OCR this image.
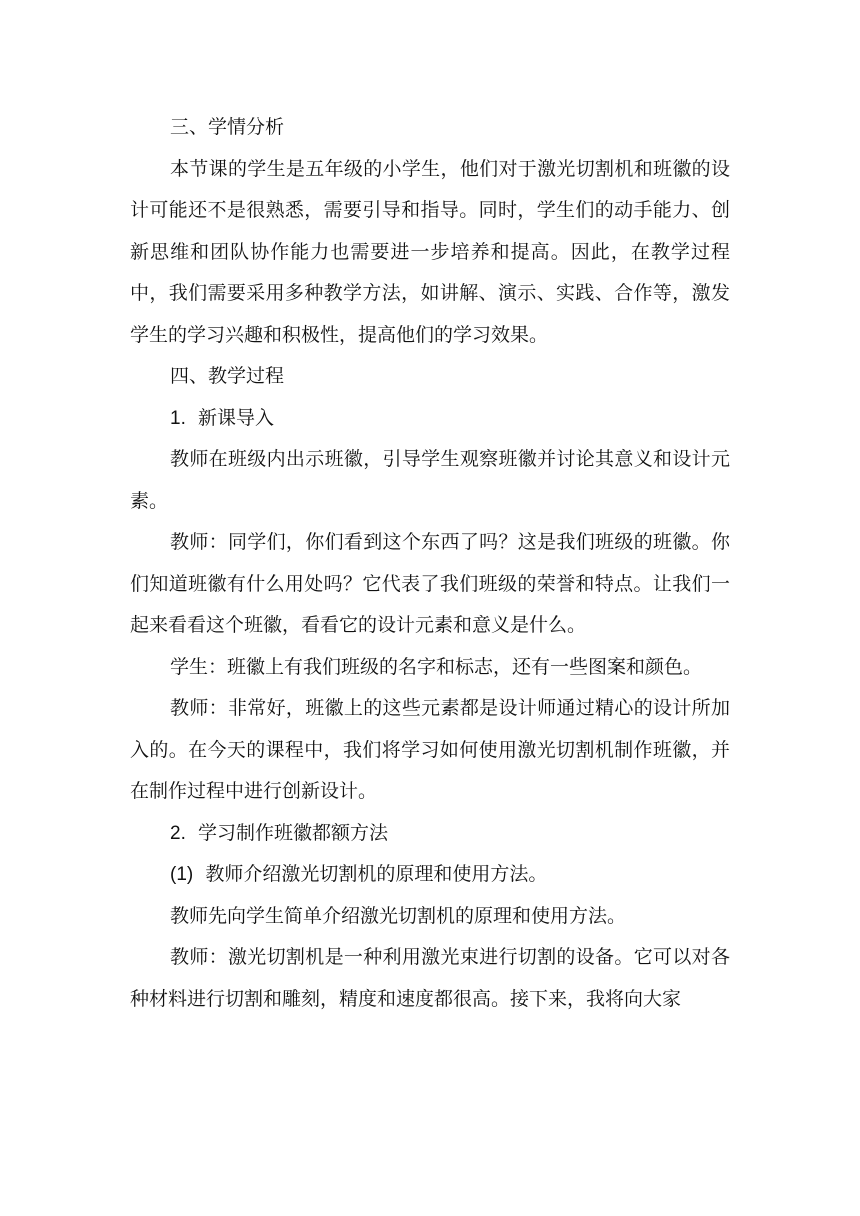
三、学情分析

本节课的学生是五年级的小学生，他们对于激光切割机和班徽的设计可能还不是很熟悉，需要引导和指导。同时，学生们的动手能力、创新思维和团队协作能力也需要进一步培养和提高。因此，在教学过程中，我们需要采用多种教学方法，如讲解、演示、实践、合作等，激发学生的学习兴趣和积极性，提高他们的学习效果。

四、教学过程

1. 新课导入

教师在班级内出示班徽，引导学生观察班徽并讨论其意义和设计元素。

教师：同学们，你们看到这个东西了吗？这是我们班级的班徽。你们知道班徽有什么用处吗？它代表了我们班级的荣誉和特点。让我们一起来看看这个班徽，看看它的设计元素和意义是什么。

学生：班徽上有我们班级的名字和标志，还有一些图案和颜色。

教师：非常好，班徽上的这些元素都是设计师通过精心的设计所加入的。在今天的课程中，我们将学习如何使用激光切割机制作班徽，并在制作过程中进行创新设计。

2. 学习制作班徽都额方法

(1) 教师介绍激光切割机的原理和使用方法。

教师先向学生简单介绍激光切割机的原理和使用方法。

教师：激光切割机是一种利用激光束进行切割的设备。它可以对各种材料进行切割和雕刻，精度和速度都很高。接下来，我将向大家
